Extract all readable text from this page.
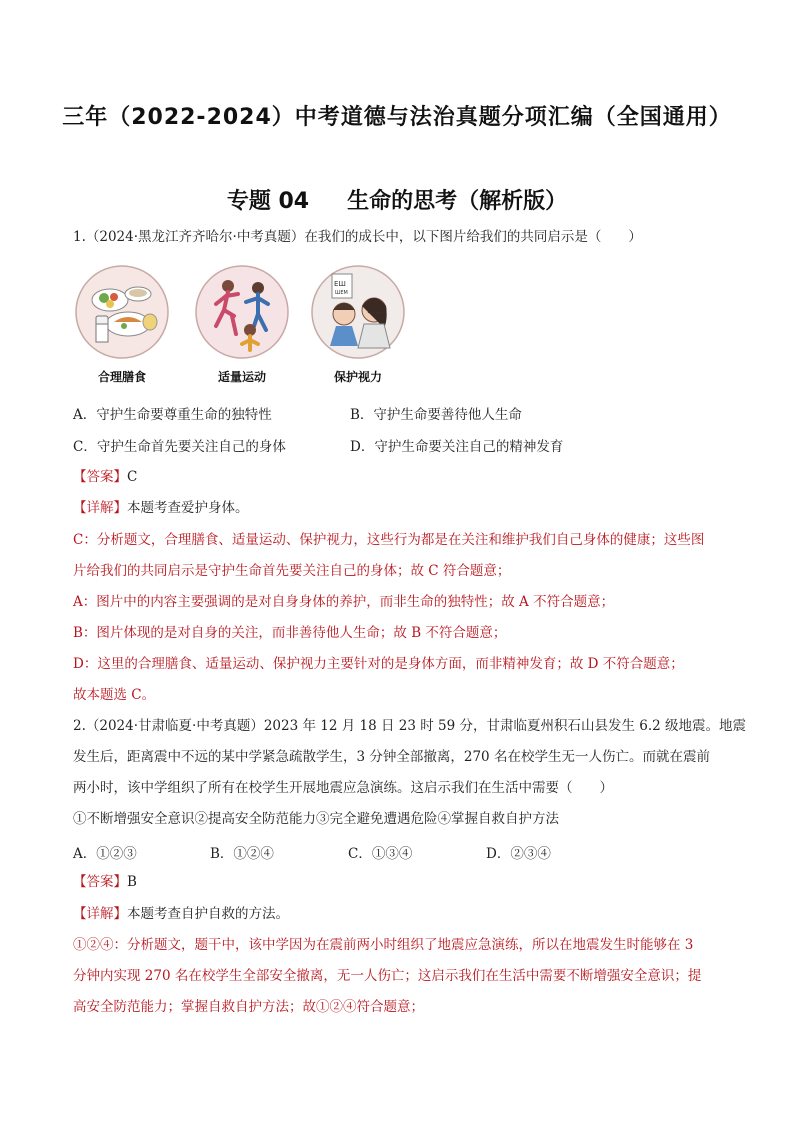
三年（2022-2024）中考道德与法治真题分项汇编（全国通用）
专题 04 生命的思考（解析版）
1.（2024·黑龙江齐齐哈尔·中考真题）在我们的成长中，以下图片给我们的共同启示是（　　）
合理膳食	适量运动
ЕШ
ШЕМ
保护视力
A．守护生命要尊重生命的独特性	B．守护生命要善待他人生命
C．守护生命首先要关注自己的身体	D．守护生命要关注自己的精神发育
【答案】C
【详解】本题考查爱护身体。
C：分析题文，合理膳食、适量运动、保护视力，这些行为都是在关注和维护我们自己身体的健康；这些图
片给我们的共同启示是守护生命首先要关注自己的身体；故 C 符合题意；
A：图片中的内容主要强调的是对自身身体的养护，而非生命的独特性；故 A 不符合题意；
B：图片体现的是对自身的关注，而非善待他人生命；故 B 不符合题意；
D：这里的合理膳食、适量运动、保护视力主要针对的是身体方面，而非精神发育；故 D 不符合题意；
故本题选 C。
2.（2024·甘肃临夏·中考真题）2023 年 12 月 18 日 23 时 59 分，甘肃临夏州积石山县发生 6.2 级地震。地震
发生后，距离震中不远的某中学紧急疏散学生，3 分钟全部撤离，270 名在校学生无一人伤亡。而就在震前
两小时，该中学组织了所有在校学生开展地震应急演练。这启示我们在生活中需要（　　）
①不断增强安全意识②提高安全防范能力③完全避免遭遇危险④掌握自救自护方法
A．①②③	B．①②④	C．①③④	D．②③④
【答案】B
【详解】本题考查自护自救的方法。
①②④：分析题文，题干中，该中学因为在震前两小时组织了地震应急演练，所以在地震发生时能够在 3
分钟内实现 270 名在校学生全部安全撤离，无一人伤亡；这启示我们在生活中需要不断增强安全意识；提
高安全防范能力；掌握自救自护方法；故①②④符合题意；
